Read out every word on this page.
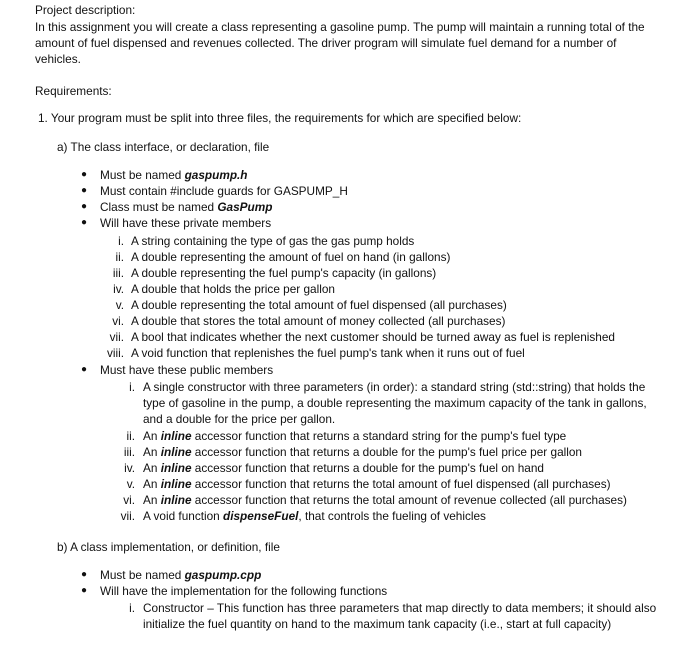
Project description:
In this assignment you will create a class representing a gasoline pump. The pump will maintain a running total of the
amount of fuel dispensed and revenues collected. The driver program will simulate fuel demand for a number of
vehicles.
Requirements:
1. Your program must be split into three files, the requirements for which are specified below:
a) The class interface, or declaration, file
● Must be named gaspump.h
● Must contain #include guards for GASPUMP_H
● Class must be named GasPump
● Will have these private members
i. A string containing the type of gas the gas pump holds
ii. A double representing the amount of fuel on hand (in gallons)
iii. A double representing the fuel pump's capacity (in gallons)
iv. A double that holds the price per gallon
v. A double representing the total amount of fuel dispensed (all purchases)
vi. A double that stores the total amount of money collected (all purchases)
vii. A bool that indicates whether the next customer should be turned away as fuel is replenished
viii. A void function that replenishes the fuel pump's tank when it runs out of fuel
● Must have these public members
i. A single constructor with three parameters (in order): a standard string (std::string) that holds the
type of gasoline in the pump, a double representing the maximum capacity of the tank in gallons,
and a double for the price per gallon.
ii. An inline accessor function that returns a standard string for the pump's fuel type
iii. An inline accessor function that returns a double for the pump's fuel price per gallon
iv. An inline accessor function that returns a double for the pump's fuel on hand
v. An inline accessor function that returns the total amount of fuel dispensed (all purchases)
vi. An inline accessor function that returns the total amount of revenue collected (all purchases)
vii. A void function dispenseFuel, that controls the fueling of vehicles
b) A class implementation, or definition, file
● Must be named gaspump.cpp
● Will have the implementation for the following functions
i. Constructor – This function has three parameters that map directly to data members; it should also
initialize the fuel quantity on hand to the maximum tank capacity (i.e., start at full capacity)
